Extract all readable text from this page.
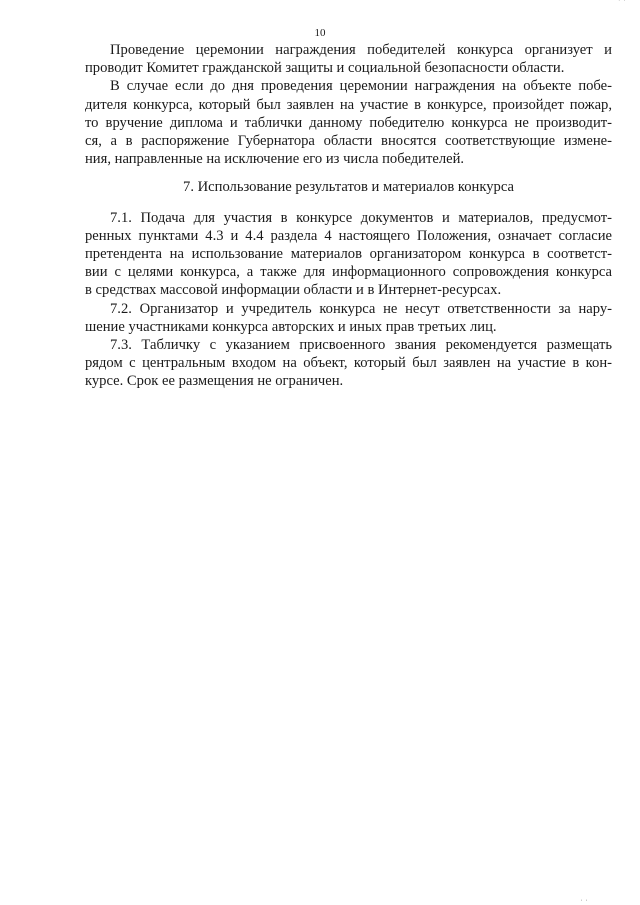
˙ ˙
10
Проведение церемонии награждения победителей конкурса организует и
проводит Комитет гражданской защиты и социальной безопасности области.
В случае если до дня проведения церемонии награждения на объекте побе-
дителя конкурса, который был заявлен на участие в конкурсе, произойдет пожар,
то вручение диплома и таблички данному победителю конкурса не производит-
ся, а в распоряжение Губернатора области вносятся соответствующие измене-
ния, направленные на исключение его из числа победителей.
7. Использование результатов и материалов конкурса
7.1. Подача для участия в конкурсе документов и материалов, предусмот-
ренных пунктами 4.3 и 4.4 раздела 4 настоящего Положения, означает согласие
претендента на использование материалов организатором конкурса в соответст-
вии с целями конкурса, а также для информационного сопровождения конкурса
в средствах массовой информации области и в Интернет-ресурсах.
7.2. Организатор и учредитель конкурса не несут ответственности за нару-
шение участниками конкурса авторских и иных прав третьих лиц.
7.3. Табличку с указанием присвоенного звания рекомендуется размещать
рядом с центральным входом на объект, который был заявлен на участие в кон-
курсе. Срок ее размещения не ограничен.
ˌ ˌ
